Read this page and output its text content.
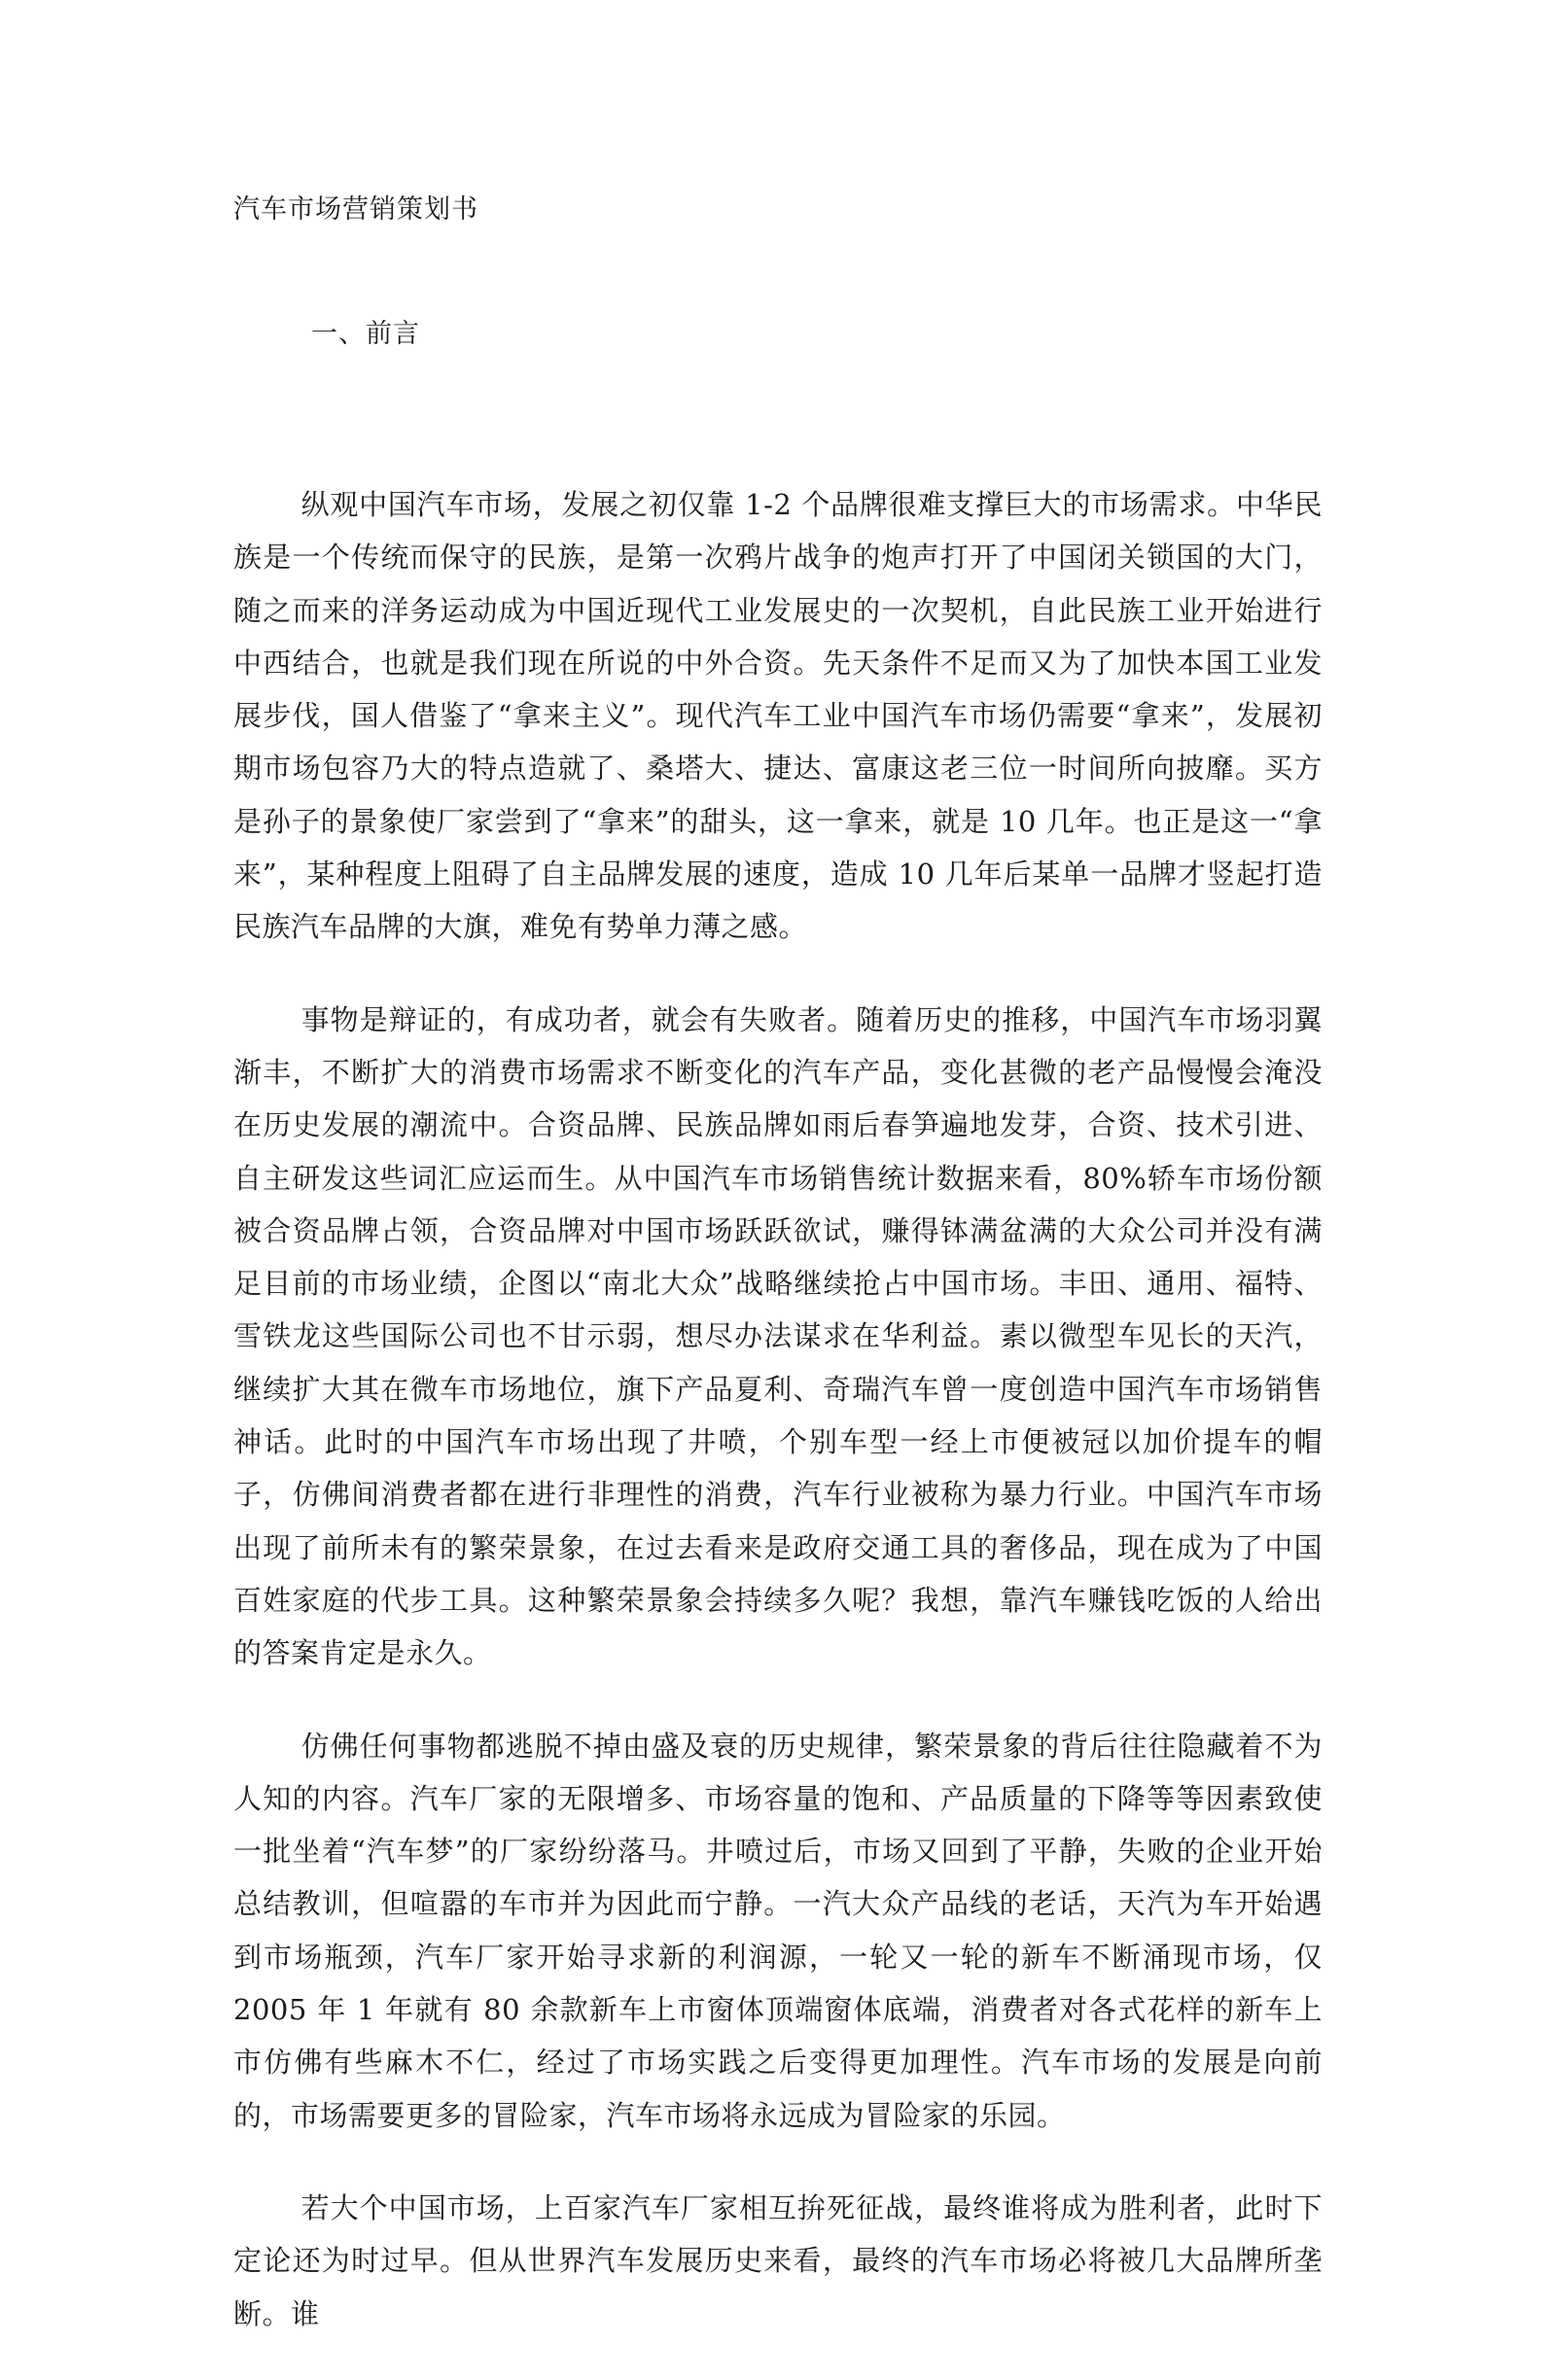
汽车市场营销策划书
一、前言

纵观中国汽车市场，发展之初仅靠 1-2 个品牌很难支撑巨大的市场需求。中华民族是一个传统而保守的民族，是第一次鸦片战争的炮声打开了中国闭关锁国的大门，随之而来的洋务运动成为中国近现代工业发展史的一次契机，自此民族工业开始进行中西结合，也就是我们现在所说的中外合资。先天条件不足而又为了加快本国工业发展步伐，国人借鉴了“拿来主义”。现代汽车工业中国汽车市场仍需要“拿来”，发展初期市场包容乃大的特点造就了、桑塔大、捷达、富康这老三位一时间所向披靡。买方是孙子的景象使厂家尝到了“拿来”的甜头，这一拿来，就是 10 几年。也正是这一“拿来”，某种程度上阻碍了自主品牌发展的速度，造成 10 几年后某单一品牌才竖起打造民族汽车品牌的大旗，难免有势单力薄之感。

事物是辩证的，有成功者，就会有失败者。随着历史的推移，中国汽车市场羽翼渐丰，不断扩大的消费市场需求不断变化的汽车产品，变化甚微的老产品慢慢会淹没在历史发展的潮流中。合资品牌、民族品牌如雨后春笋遍地发芽，合资、技术引进、自主研发这些词汇应运而生。从中国汽车市场销售统计数据来看，80%轿车市场份额被合资品牌占领，合资品牌对中国市场跃跃欲试，赚得钵满盆满的大众公司并没有满足目前的市场业绩，企图以“南北大众”战略继续抢占中国市场。丰田、通用、福特、雪铁龙这些国际公司也不甘示弱，想尽办法谋求在华利益。素以微型车见长的天汽，继续扩大其在微车市场地位，旗下产品夏利、奇瑞汽车曾一度创造中国汽车市场销售神话。此时的中国汽车市场出现了井喷，个别车型一经上市便被冠以加价提车的帽子，仿佛间消费者都在进行非理性的消费，汽车行业被称为暴力行业。中国汽车市场出现了前所未有的繁荣景象，在过去看来是政府交通工具的奢侈品，现在成为了中国百姓家庭的代步工具。这种繁荣景象会持续多久呢？我想，靠汽车赚钱吃饭的人给出的答案肯定是永久。

仿佛任何事物都逃脱不掉由盛及衰的历史规律，繁荣景象的背后往往隐藏着不为人知的内容。汽车厂家的无限增多、市场容量的饱和、产品质量的下降等等因素致使一批坐着“汽车梦”的厂家纷纷落马。井喷过后，市场又回到了平静，失败的企业开始总结教训，但喧嚣的车市并为因此而宁静。一汽大众产品线的老话，天汽为车开始遇到市场瓶颈，汽车厂家开始寻求新的利润源，一轮又一轮的新车不断涌现市场，仅 2005 年 1 年就有 80 余款新车上市窗体顶端窗体底端，消费者对各式花样的新车上市仿佛有些麻木不仁，经过了市场实践之后变得更加理性。汽车市场的发展是向前的，市场需要更多的冒险家，汽车市场将永远成为冒险家的乐园。

若大个中国市场，上百家汽车厂家相互拚死征战，最终谁将成为胜利者，此时下定论还为时过早。但从世界汽车发展历史来看，最终的汽车市场必将被几大品牌所垄断。谁
